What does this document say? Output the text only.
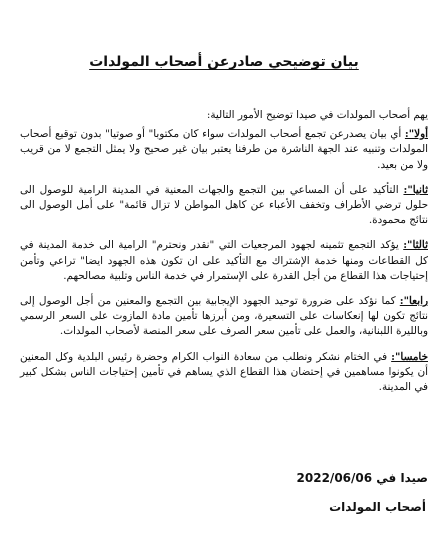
بيان توضيحي صادرعن أصحاب المولدات

يهم أصحاب المولدات في صيدا توضيح الأمور التالية:

أولا": أي بيان يصدرعن تجمع أصحاب المولدات سواء كان مكتوبا" أو صوتيا" بدون توقيع أصحاب المولدات وتنبيه عند الجهة الناشرة من طرفنا يعتبر بيان غير صحيح ولا يمثل التجمع لا من قريب ولا من بعيد.

ثانيا": التأكيد على أن المساعي بين التجمع والجهات المعنية في المدينة الرامية للوصول الى حلول ترضي الأطراف وتخفف الأعباء عن كاهل المواطن لا تزال قائمة" على أمل الوصول الى نتائج محمودة.

ثالثا": يؤكد التجمع تثمينه لجهود المرجعيات التي "نقدر ونحترم" الرامية الى خدمة المدينة في كل القطاعات ومنها خدمة الإشتراك مع التأكيد على ان تكون هذه الجهود ايضا" تراعي وتأمن إحتياجات هذا القطاع من أجل القدرة على الإستمرار في خدمة الناس وتلبية مصالحهم.

رابعا": كما نؤكد على ضرورة توحيد الجهود الإيجابية بين التجمع والمعنين من أجل الوصول إلى نتائج تكون لها إنعكاسات على التسعيرة، ومن أبرزها تأمين مادة المازوت على السعر الرسمي وبالليرة اللبنانية، والعمل على تأمين سعر الصرف على سعر المنصة لأصحاب المولدات.

خامسا": في الختام نشكر ونطلب من سعادة النواب الكرام وحضرة رئيس البلدية وكل المعنين أن يكونوا مساهمين في إحتضان هذا القطاع الذي يساهم في تأمين إحتياجات الناس بشكل كبير في المدينة.

صيدا في 2022/06/06
أصحاب المولدات
